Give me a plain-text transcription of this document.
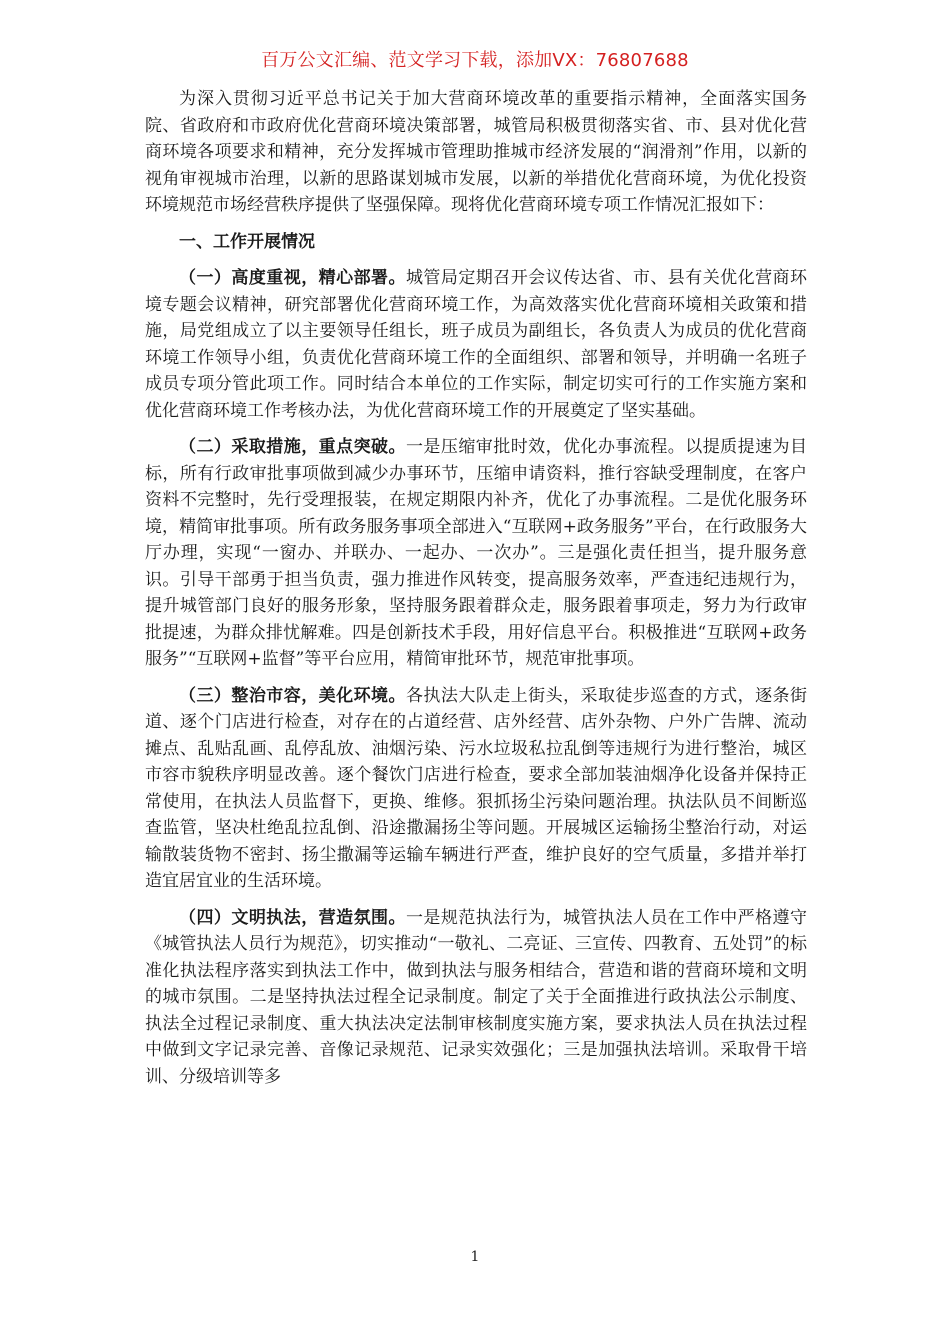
百万公文汇编、范文学习下载，添加VX：76807688

为深入贯彻习近平总书记关于加大营商环境改革的重要指示精神，全面落实国务院、省政府和市政府优化营商环境决策部署，城管局积极贯彻落实省、市、县对优化营商环境各项要求和精神，充分发挥城市管理助推城市经济发展的“润滑剂”作用，以新的视角审视城市治理，以新的思路谋划城市发展，以新的举措优化营商环境，为优化投资环境规范市场经营秩序提供了坚强保障。现将优化营商环境专项工作情况汇报如下：

一、工作开展情况

（一）高度重视，精心部署。城管局定期召开会议传达省、市、县有关优化营商环境专题会议精神，研究部署优化营商环境工作，为高效落实优化营商环境相关政策和措施，局党组成立了以主要领导任组长，班子成员为副组长，各负责人为成员的优化营商环境工作领导小组，负责优化营商环境工作的全面组织、部署和领导，并明确一名班子成员专项分管此项工作。同时结合本单位的工作实际，制定切实可行的工作实施方案和优化营商环境工作考核办法，为优化营商环境工作的开展奠定了坚实基础。

（二）采取措施，重点突破。一是压缩审批时效，优化办事流程。以提质提速为目标，所有行政审批事项做到减少办事环节，压缩申请资料，推行容缺受理制度，在客户资料不完整时，先行受理报装，在规定期限内补齐，优化了办事流程。二是优化服务环境，精简审批事项。所有政务服务事项全部进入“互联网+政务服务”平台，在行政服务大厅办理，实现“一窗办、并联办、一起办、一次办”。三是强化责任担当，提升服务意识。引导干部勇于担当负责，强力推进作风转变，提高服务效率，严查违纪违规行为，提升城管部门良好的服务形象，坚持服务跟着群众走，服务跟着事项走，努力为行政审批提速，为群众排忧解难。四是创新技术手段，用好信息平台。积极推进“互联网+政务服务”“互联网+监督”等平台应用，精简审批环节，规范审批事项。

（三）整治市容，美化环境。各执法大队走上街头，采取徒步巡查的方式，逐条街道、逐个门店进行检查，对存在的占道经营、店外经营、店外杂物、户外广告牌、流动摊点、乱贴乱画、乱停乱放、油烟污染、污水垃圾私拉乱倒等违规行为进行整治，城区市容市貌秩序明显改善。逐个餐饮门店进行检查，要求全部加装油烟净化设备并保持正常使用，在执法人员监督下，更换、维修。狠抓扬尘污染问题治理。执法队员不间断巡查监管，坚决杜绝乱拉乱倒、沿途撒漏扬尘等问题。开展城区运输扬尘整治行动，对运输散装货物不密封、扬尘撒漏等运输车辆进行严查，维护良好的空气质量，多措并举打造宜居宜业的生活环境。

（四）文明执法，营造氛围。一是规范执法行为，城管执法人员在工作中严格遵守《城管执法人员行为规范》，切实推动“一敬礼、二亮证、三宣传、四教育、五处罚”的标准化执法程序落实到执法工作中，做到执法与服务相结合，营造和谐的营商环境和文明的城市氛围。二是坚持执法过程全记录制度。制定了关于全面推进行政执法公示制度、执法全过程记录制度、重大执法决定法制审核制度实施方案，要求执法人员在执法过程中做到文字记录完善、音像记录规范、记录实效强化；三是加强执法培训。采取骨干培训、分级培训等多

1
